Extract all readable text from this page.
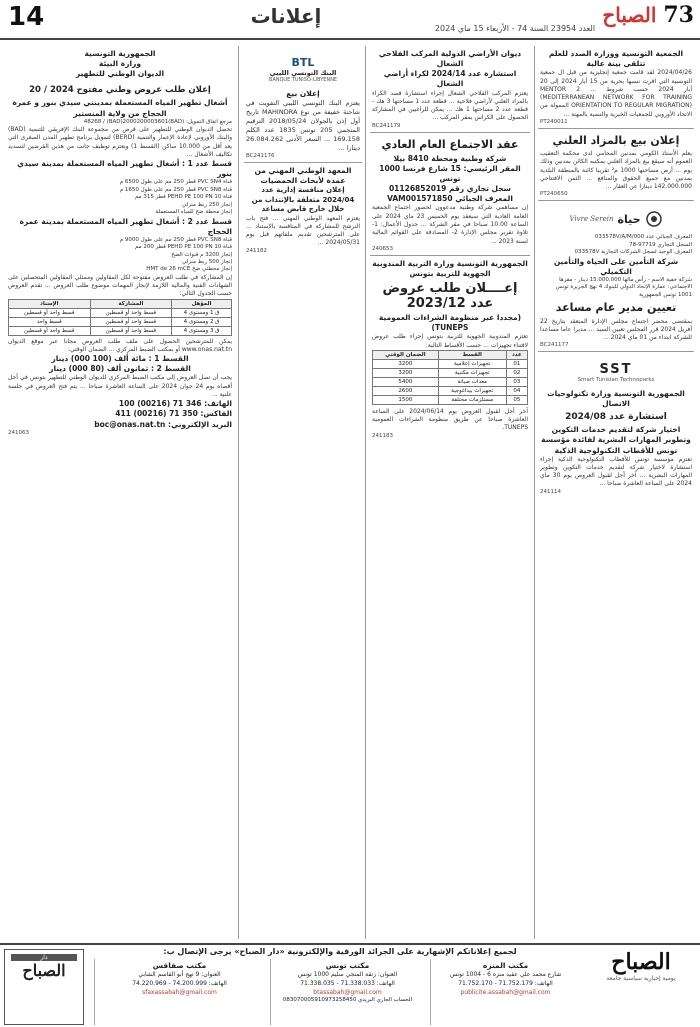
14	إعلانات
العدد 23954 السنة 74 - الأربعاء 15 ماي 2024
73 الصباح
الجمعية التونسية ووزارة الصدد للعلم تتلقى بينة عالية
2024/04/26 لقد قامت جمعية إنجليزية من قبل ال جمعية التونسية التي اقرت نسبها بحرية من 15 أيار 2024 إلى 20 أيار 2024 حسب شروط ... MENTOR 2 (MEDITERRANEAN NETWORK FOR TRAINING ORIENTATION TO REGULAR MIGRATION) الممولة من الاتحاد الأوروبي للجمعيات الخيرية والتنمية بالمهنة ...
PT240011
إعلان بيع بالمزاد العلني
يعلم الأستاذ الكومي بمدنين المحامي لدى محكمة التعقيب العموم أنه سيقع بيع بالمزاد العلني بمكتبه الكائن بمدنين وذلك يوم ... أرض مساحتها 1000 م² تقريبا كائنة بالمنطقة البلدية بمدنين مع جميع الحقوق والمنافع ... الثمن الافتتاحي 142.000.000 دينارا عن العقار ...
PT240650
حياة
Vivre Serein
المعرف الجبائي عدد 033578V/A/M/000
السجل التجاري 97719-78
المعرف الوحيد لسجل الشركات التجارية 033578V
شركة التأمين على الحياة والتأمين التكميلي
شركة خفية الاسم - رأس مالها 15.000.000 دينار - مقرها الاجتماعي: عمارة الإتحاد الدولي للبنوك 4 نهج الجزيرة تونس 1001 تونس الجمهورية
تعيين مدير عام مساعد
بمقتضى محضر اجتماع مجلس الإدارة المنعقد بتاريخ 22 أفريل 2024 قرر المجلس تعيين السيد ... مديرا عاما مساعدا للشركة ابتداء من 01 ماي 2024 ...
BC241177
SST
Smart Tunisian Technoparks
الجمهورية التونسية وزارة تكنولوجيات الاتصال
استشارة عدد 2024/08
اختيار شركة لتقديم خدمات التكوين وتطوير المهارات البشرية لفائدة مؤسسة تونس للأقطاب التكنولوجية الذكية
تعتزم مؤسسة تونس للأقطاب التكنولوجية الذكية إجراء استشارة لاختيار شركة لتقديم خدمات التكوين وتطوير المهارات البشرية ... آخر أجل لقبول العروض يوم 30 ماي 2024 على الساعة العاشرة صباحا ...
241114
ديوان الأراضي الدولية المركب الفلاحي الشعال
استشارة عدد 2024/14 لكراء أراضي الشعال
يعتزم المركب الفلاحي الشعال إجراء استشارة قصد الكراء بالمزاد العلني لأراضي فلاحية ... قطعة عدد 1 مساحتها 3 هك - قطعة عدد 2 مساحتها 1 هك ... يمكن للراغبين في المشاركة الحصول على الكراس بمقر المركب ...
BC241179
عقد الاجتماع العام العادي
شركة وطنية ومحطة 8410 بيلا
المقر الرئيسي: 15 شارع فرنسا 1000 تونس
سجل تجاري رقم 01126852019
المعرف الجبائي VAM001571850
إن مساهمي شركة وطنية مدعوون لحضور اجتماع الجمعية العامة العادية التي سيعقد يوم الخميس 23 ماي 2024 على الساعة 10.00 صباحا في مقر الشركة ... جدول الأعمال: 1- تلاوة تقرير مجلس الإدارة 2- المصادقة على القوائم المالية لسنة 2023 ...
240653
الجمهورية التونسية وزارة التربية المندوبية الجهوية للتربية بتونس
إعــــلان طلب عروض عدد 2023/12
(مجددا عبر منظومة الشراءات العمومية TUNEPS)
تعتزم المندوبية الجهوية للتربية بتونس إجراء طلب عروض لاقتناء تجهيزات ... حسب الأقساط التالية:
عدد	القسط	الضمان الوقتي
01	تجهيزات إعلامية	3200
02	تجهيزات مكتبية	3200
03	معدات صيانة	5400
04	تجهيزات بيداغوجية	2600
05	مستلزمات مختلفة	1500
آخر أجل لقبول العروض يوم 2024/06/14 على الساعة العاشرة صباحا عن طريق منظومة الشراءات العمومية TUNEPS.
241183
BTL
البنك التونسي الليبي
BANQUE TUNISO-LIBYENNE
إعلان بيع
يعتزم البنك التونسي الليبي التفويت في شاحنة خفيفة من نوع MAHINDRA تاريخ أول إذن بالجولان 2018/05/24 الترقيم المنجمي 205 تونس 1835 عدد الكلم 169.158 ... السعر الأدنى 26.084.262 دينارا ...
BC241176
المعهد الوطني المهني من عمدة لأبحاث الحمضيات
إعلان منافسة إدارية عدد 2024/04 متعلقة بالإنتداب من خلال خارج قابض مساعد
يعتزم المعهد الوطني المهني ... فتح باب الترشح للمشاركة في المنافسة بالإستناد ... على المترشحين تقديم ملفاتهم قبل يوم 2024/05/31 ...
241182
الجمهورية التونسية
وزارة البيئة
الديوان الوطني للتطهير
إعلان طلب عروض وطني مفتوح 2024 / 20
أشغال تطهير المياه المستعملة بمدينتي سيدي بنور و عمرة الحجاج من ولاية المنستير
مرجع اتفاق التمويل: (BAD)48268 / (BAD)2000200003601
تحصل الديوان الوطني للتطهير على قرض من مجموعة البنك الإفريقي للتنمية (BAD) والبنك الأوروبي لإعادة الإعمار والتنمية (BERD) لتمويل برنامج تطهير المدن الصغرى التي يعد أقل من 10.000 ساكن (القسط 1) ويعتزم توظيف جانب من هذين القرضين لتسديد تكاليف الأشغال ...
قسط عدد 1 : أشغال تطهير المياه المستعملة بمدينة سيدي بنور
قناة PVC SN4 قطر 250 مم على طول 6500 م
قناة PVC SN8 قطر 250 مم على طول 1650 م
قناة PEHD PE 100 PN 10 قطر 315 مم
إنجاز 250 ربط منزلي
إنجاز محطة ضخ للمياه المستعملة
قسط عدد 2 : أشغال تطهير المياه المستعملة بمدينة عمرة الحجاج
قناة PVC SN8 قطر 250 مم على طول 9000 م
قناة PEHD PE 100 PN 10 قطر 200 مم
إنجاز 3200 م قنوات الضخ
إنجاز 500 ربط منزلي
إنجاز محطتي ضخ HMT de 26 mCE
إن المشاركة في طلب العروض مفتوحة لكل المقاولين وممثلي المقاولين المتحصلين على الشهادات الفنية والمالية اللازمة لإنجاز المهمات موضوع طلب العروض ... تقدم العروض حسب الجدول التالي:
المؤهل	المشاركة	الإسناد
ق 1 ومستوى 4	قسط واحد أو قسطين	قسط واحد أو قسطين
ق 2 ومستوى 4	قسط واحد أو قسطين	قسط واحد
ق 3 ومستوى 4	قسط واحد أو قسطين	قسط واحد أو قسطين
يمكن للمترشحين الحصول على ملف طلب العروض مجانا عبر موقع الديوان www.onas.nat.tn أو بمكتب الضبط المركزي ... الضمان الوقتي:
القسط 1 : مائة ألف (100 000) دينار
القسط 2 : ثمانون ألف (80 000) دينار
يجب أن تصل العروض إلى مكتب الضبط المركزي للديوان الوطني للتطهير بتونس في أجل أقصاه يوم 24 جوان 2024 على الساعة العاشرة صباحا ... يتم فتح العروض في جلسة علنية ...
الهاتف: 346 71 (00216) 100
الفاكس: 350 71 (00216) 411
البريد الإلكتروني: boc@onas.nat.tn
241063
الصباح
يومية إخبارية سياسية جامعة
لجميع إعلاناتكم الإشهارية على الجرائد الورقية والإلكترونية «دار الصباح» يرجى الإتصال ب:
مكتب المنزه
شارع محمد علي عقيد منزه 6 - 1004 تونس
الهاتف: 71.752.179 - 71.752.170
publicite.assabah@gmail.com
مكتب تونس
العنوان: زنقة المنجي سليم 1000 تونس
الهاتف: 71.338.033 - 71.338.035
btassabah@gmail.com
الحساب الجاري البريدي 083070005910973258450
مكتب صفاقس
العنوان: 9 نهج أبو القاسم الشابي
الهاتف: 74.200.999 - 74.220.969
sfaxassabah@gmail.com
دار
الصباح
